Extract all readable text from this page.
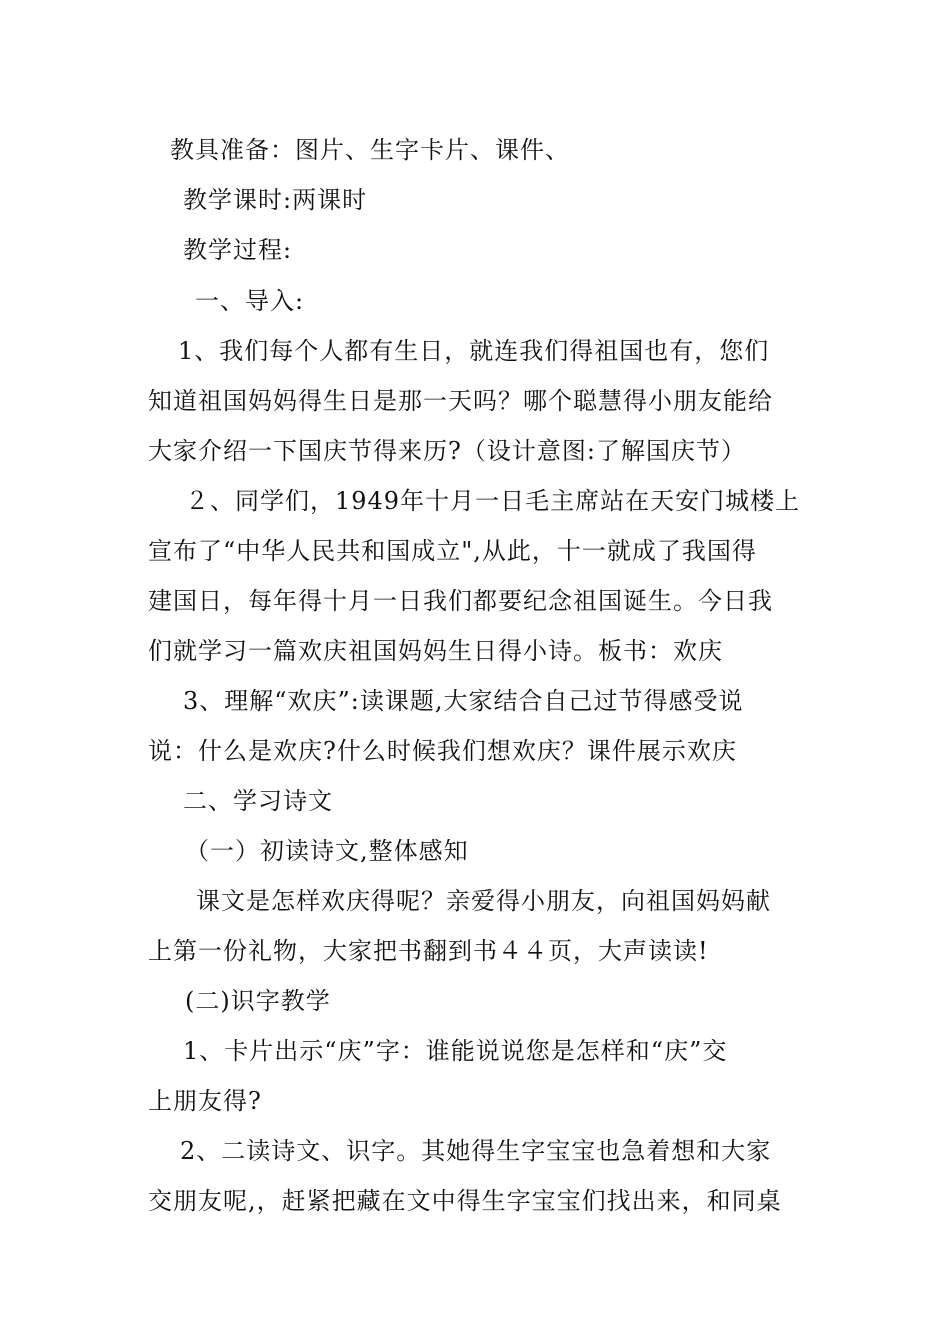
教具准备：图片、生字卡片、课件、
教学课时:两课时
教学过程:
一、导入:
1、我们每个人都有生日，就连我们得祖国也有，您们
知道祖国妈妈得生日是那一天吗？哪个聪慧得小朋友能给
大家介绍一下国庆节得来历?（设计意图:了解国庆节）
２、同学们，1949年十月一日毛主席站在天安门城楼上
宣布了“中华人民共和国成立",从此，十一就成了我国得
建国日，每年得十月一日我们都要纪念祖国诞生。今日我
们就学习一篇欢庆祖国妈妈生日得小诗。板书：欢庆
3、理解“欢庆”:读课题,大家结合自己过节得感受说
说：什么是欢庆?什么时候我们想欢庆？课件展示欢庆
二、学习诗文
（一）初读诗文,整体感知
课文是怎样欢庆得呢？亲爱得小朋友，向祖国妈妈献
上第一份礼物，大家把书翻到书４４页，大声读读!
(二)识字教学
1、卡片出示“庆”字：谁能说说您是怎样和“庆”交
上朋友得?
2、二读诗文、识字。其她得生字宝宝也急着想和大家
交朋友呢,，赶紧把藏在文中得生字宝宝们找出来，和同桌
